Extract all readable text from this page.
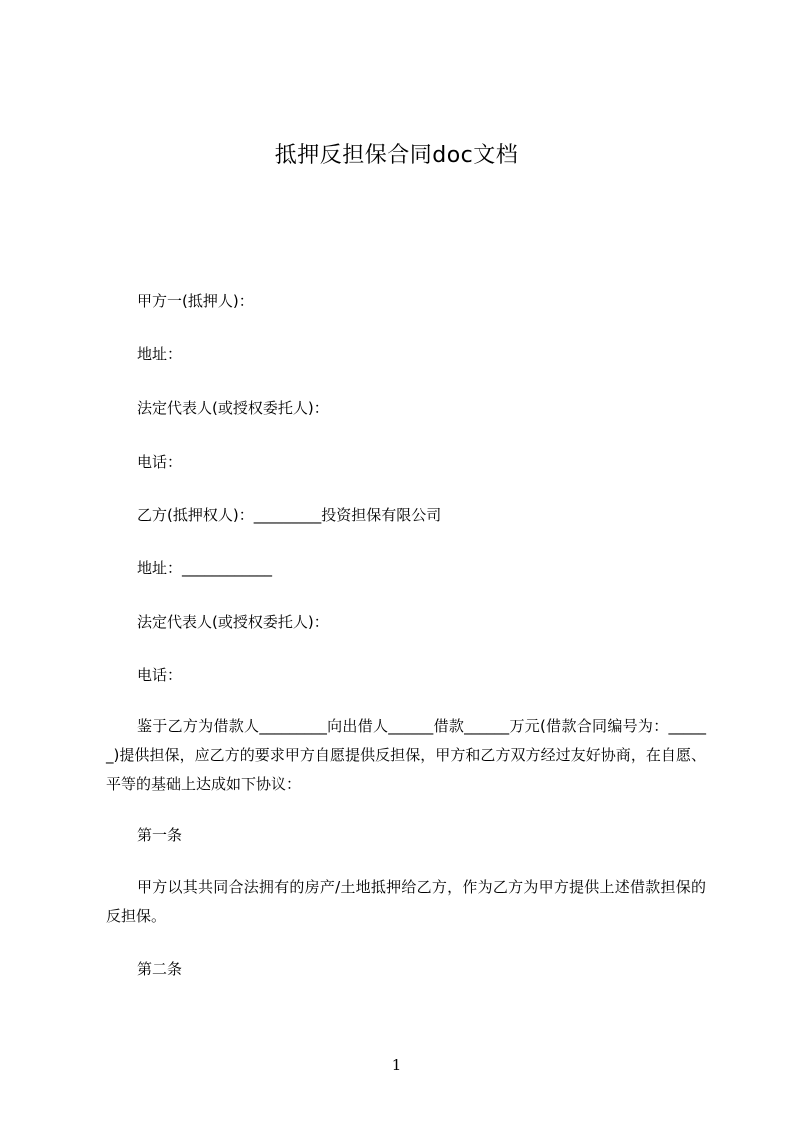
抵押反担保合同doc文档
甲方一(抵押人)：
地址：
法定代表人(或授权委托人)：
电话：
乙方(抵押权人)：_________投资担保有限公司
地址：____________
法定代表人(或授权委托人)：
电话：
鉴于乙方为借款人_________向出借人______借款______万元(借款合同编号为：______)提供担保，应乙方的要求甲方自愿提供反担保，甲方和乙方双方经过友好协商，在自愿、平等的基础上达成如下协议：
第一条
甲方以其共同合法拥有的房产/土地抵押给乙方，作为乙方为甲方提供上述借款担保的反担保。
第二条
1
